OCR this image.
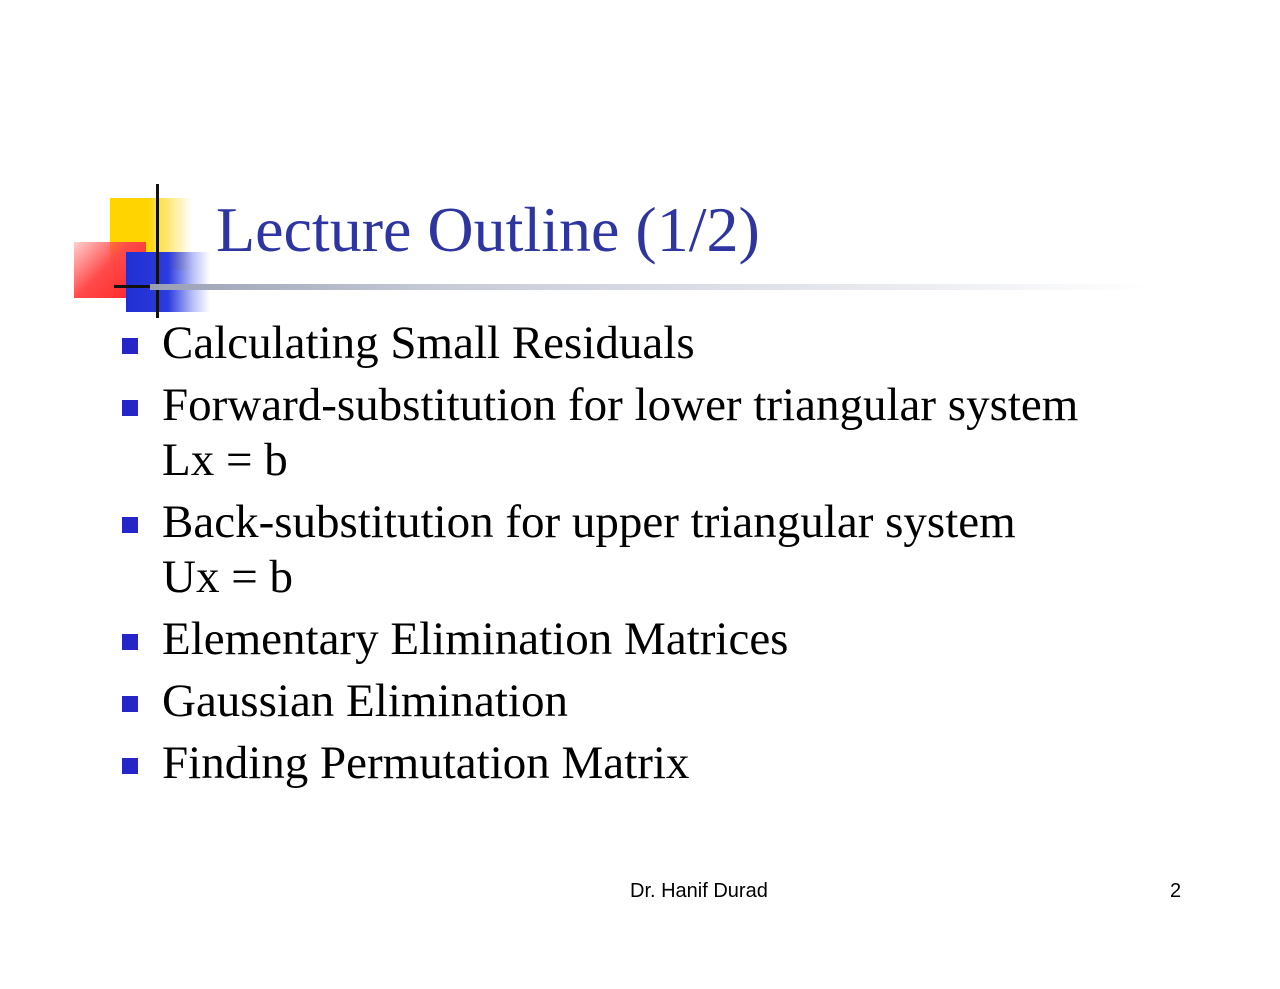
Lecture Outline (1/2)
Calculating Small Residuals
Forward-substitution for lower triangular system
Lx = b
Back-substitution for upper triangular system
Ux = b
Elementary Elimination Matrices
Gaussian Elimination
Finding Permutation Matrix
Dr. Hanif Durad	2
